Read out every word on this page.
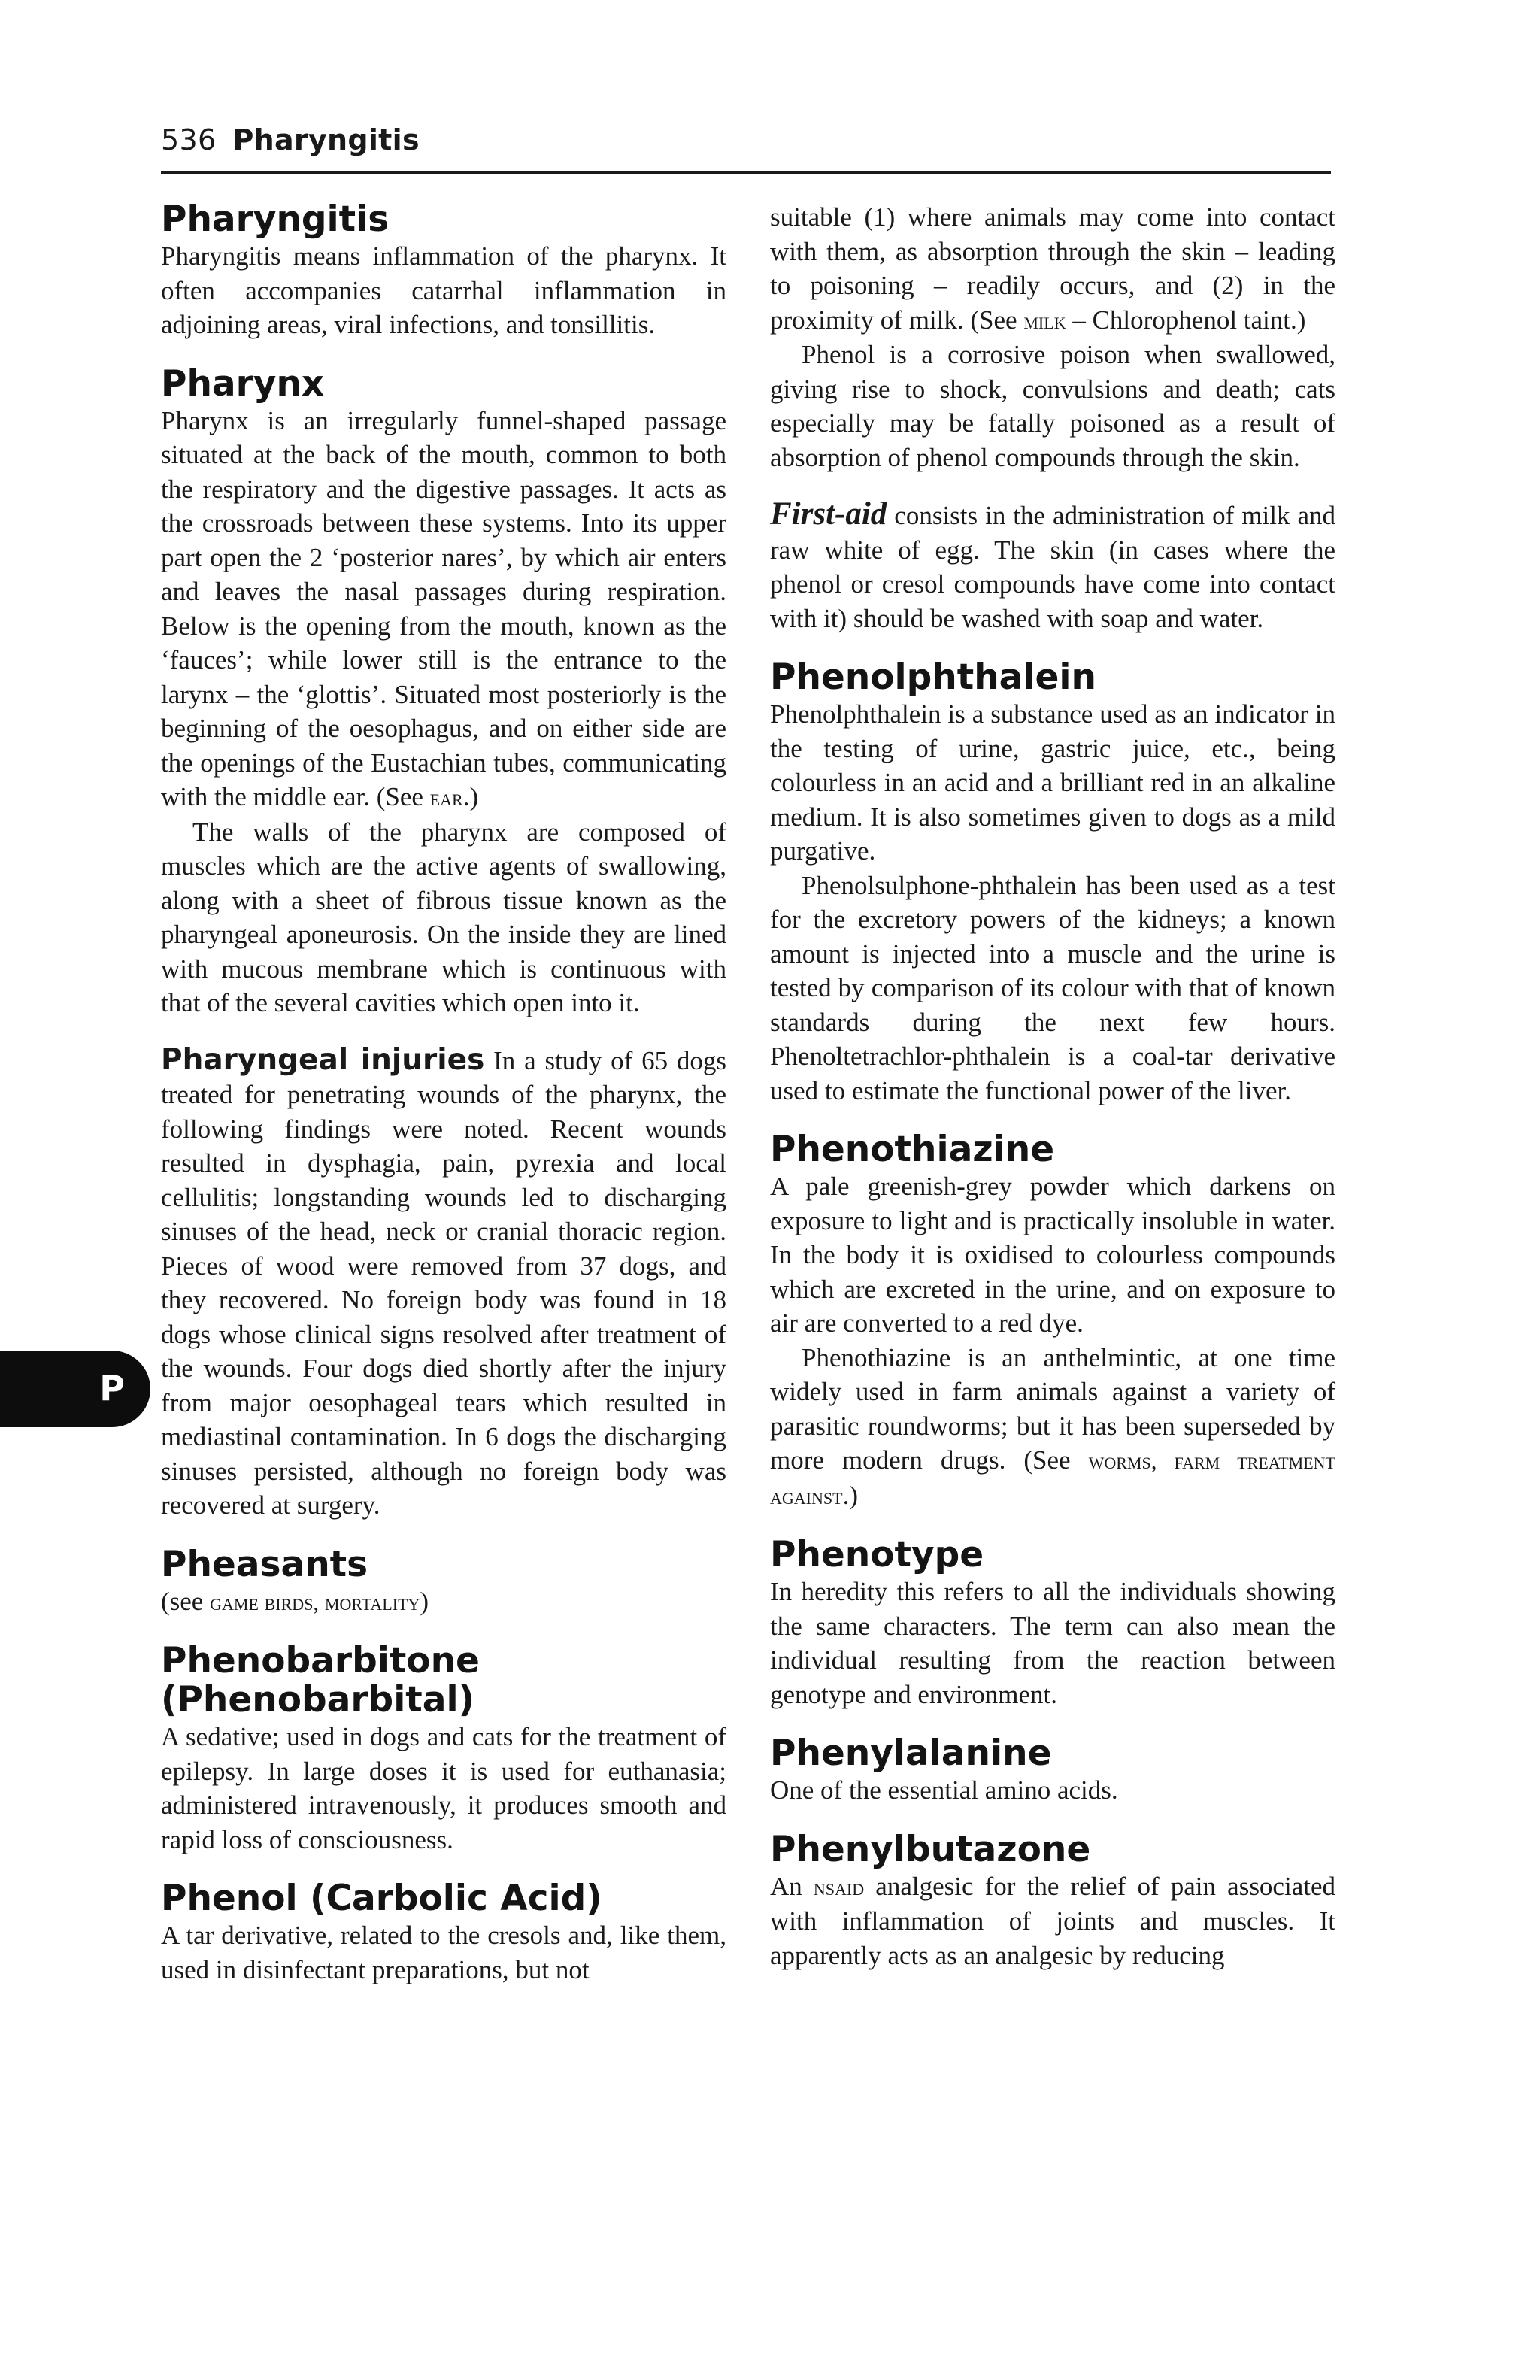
536 Pharyngitis
P
Pharyngitis

Pharyngitis means inflammation of the pharynx. It often accompanies catarrhal inflammation in adjoining areas, viral infections, and tonsillitis.

Pharynx

Pharynx is an irregularly funnel-shaped passage situated at the back of the mouth, common to both the respiratory and the digestive passages. It acts as the crossroads between these systems. Into its upper part open the 2 ‘posterior nares’, by which air enters and leaves the nasal passages during respiration. Below is the opening from the mouth, known as the ‘fauces’; while lower still is the entrance to the larynx – the ‘glottis’. Situated most posteriorly is the beginning of the oesophagus, and on either side are the openings of the Eustachian tubes, communicating with the middle ear. (See ear.)

The walls of the pharynx are composed of muscles which are the active agents of swallowing, along with a sheet of fibrous tissue known as the pharyngeal aponeurosis. On the inside they are lined with mucous membrane which is continuous with that of the several cavities which open into it.

Pharyngeal injuries In a study of 65 dogs treated for penetrating wounds of the pharynx, the following findings were noted. Recent wounds resulted in dysphagia, pain, pyrexia and local cellulitis; longstanding wounds led to discharging sinuses of the head, neck or cranial thoracic region. Pieces of wood were removed from 37 dogs, and they recovered. No foreign body was found in 18 dogs whose clinical signs resolved after treatment of the wounds. Four dogs died shortly after the injury from major oesophageal tears which resulted in mediastinal contamination. In 6 dogs the discharging sinuses persisted, although no foreign body was recovered at surgery.

Pheasants

(see game birds, mortality)

Phenobarbitone
(Phenobarbital)

A sedative; used in dogs and cats for the treatment of epilepsy. In large doses it is used for euthanasia; administered intravenously, it produces smooth and rapid loss of consciousness.

Phenol (Carbolic Acid)

A tar derivative, related to the cresols and, like them, used in disinfectant preparations, but not

suitable (1) where animals may come into contact with them, as absorption through the skin – leading to poisoning – readily occurs, and (2) in the proximity of milk. (See milk – Chlorophenol taint.)

Phenol is a corrosive poison when swallowed, giving rise to shock, convulsions and death; cats especially may be fatally poisoned as a result of absorption of phenol compounds through the skin.

First-aid consists in the administration of milk and raw white of egg. The skin (in cases where the phenol or cresol compounds have come into contact with it) should be washed with soap and water.

Phenolphthalein

Phenolphthalein is a substance used as an indicator in the testing of urine, gastric juice, etc., being colourless in an acid and a brilliant red in an alkaline medium. It is also sometimes given to dogs as a mild purgative.

Phenolsulphone-phthalein has been used as a test for the excretory powers of the kidneys; a known amount is injected into a muscle and the urine is tested by comparison of its colour with that of known standards during the next few hours. Phenoltetrachlor-phthalein is a coal-tar derivative used to estimate the functional power of the liver.

Phenothiazine

A pale greenish-grey powder which darkens on exposure to light and is practically insoluble in water. In the body it is oxidised to colourless compounds which are excreted in the urine, and on exposure to air are converted to a red dye.

Phenothiazine is an anthelmintic, at one time widely used in farm animals against a variety of parasitic roundworms; but it has been superseded by more modern drugs. (See worms, farm treatment against.)

Phenotype

In heredity this refers to all the individuals showing the same characters. The term can also mean the individual resulting from the reaction between genotype and environment.

Phenylalanine

One of the essential amino acids.

Phenylbutazone

An nsaid analgesic for the relief of pain associated with inflammation of joints and muscles. It apparently acts as an analgesic by reducing
